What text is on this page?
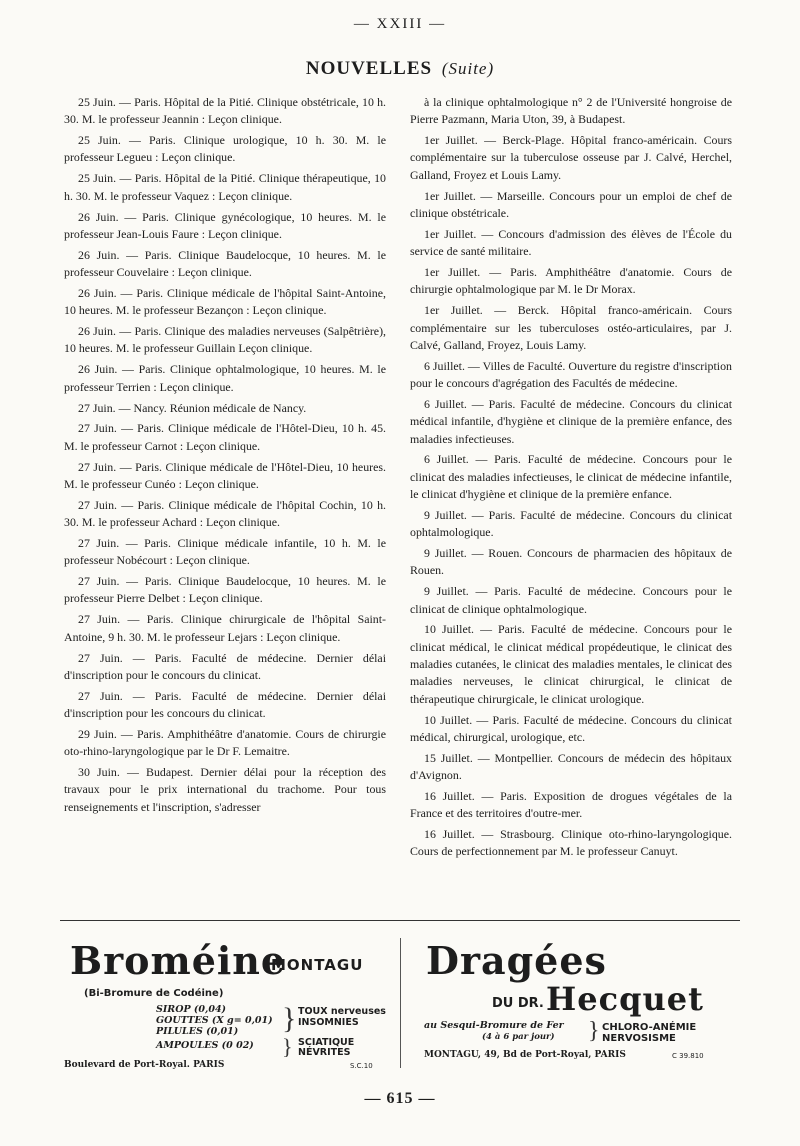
— XXIII —
NOUVELLES (Suite)

25 Juin. — Paris. Hôpital de la Pitié. Clinique obstétricale, 10 h. 30. M. le professeur Jeannin : Leçon clinique.

25 Juin. — Paris. Clinique urologique, 10 h. 30. M. le professeur Legueu : Leçon clinique.

25 Juin. — Paris. Hôpital de la Pitié. Clinique thérapeutique, 10 h. 30. M. le professeur Vaquez : Leçon clinique.

26 Juin. — Paris. Clinique gynécologique, 10 heures. M. le professeur Jean-Louis Faure : Leçon clinique.

26 Juin. — Paris. Clinique Baudelocque, 10 heures. M. le professeur Couvelaire : Leçon clinique.

26 Juin. — Paris. Clinique médicale de l'hôpital Saint-Antoine, 10 heures. M. le professeur Bezançon : Leçon clinique.

26 Juin. — Paris. Clinique des maladies nerveuses (Salpêtrière), 10 heures. M. le professeur Guillain Leçon clinique.

26 Juin. — Paris. Clinique ophtalmologique, 10 heures. M. le professeur Terrien : Leçon clinique.

27 Juin. — Nancy. Réunion médicale de Nancy.

27 Juin. — Paris. Clinique médicale de l'Hôtel-Dieu, 10 h. 45. M. le professeur Carnot : Leçon clinique.

27 Juin. — Paris. Clinique médicale de l'Hôtel-Dieu, 10 heures. M. le professeur Cunéo : Leçon clinique.

27 Juin. — Paris. Clinique médicale de l'hôpital Cochin, 10 h. 30. M. le professeur Achard : Leçon clinique.

27 Juin. — Paris. Clinique médicale infantile, 10 h. M. le professeur Nobécourt : Leçon clinique.

27 Juin. — Paris. Clinique Baudelocque, 10 heures. M. le professeur Pierre Delbet : Leçon clinique.

27 Juin. — Paris. Clinique chirurgicale de l'hôpital Saint-Antoine, 9 h. 30. M. le professeur Lejars : Leçon clinique.

27 Juin. — Paris. Faculté de médecine. Dernier délai d'inscription pour le concours du clinicat.

27 Juin. — Paris. Faculté de médecine. Dernier délai d'inscription pour les concours du clinicat.

29 Juin. — Paris. Amphithéâtre d'anatomie. Cours de chirurgie oto-rhino-laryngologique par le Dr F. Lemaitre.

30 Juin. — Budapest. Dernier délai pour la réception des travaux pour le prix international du trachome. Pour tous renseignements et l'inscription, s'adresser

à la clinique ophtalmologique n° 2 de l'Université hongroise de Pierre Pazmann, Maria Uton, 39, à Budapest.

1er Juillet. — Berck-Plage. Hôpital franco-américain. Cours complémentaire sur la tuberculose osseuse par J. Calvé, Herchel, Galland, Froyez et Louis Lamy.

1er Juillet. — Marseille. Concours pour un emploi de chef de clinique obstétricale.

1er Juillet. — Concours d'admission des élèves de l'École du service de santé militaire.

1er Juillet. — Paris. Amphithéâtre d'anatomie. Cours de chirurgie ophtalmologique par M. le Dr Morax.

1er Juillet. — Berck. Hôpital franco-américain. Cours complémentaire sur les tuberculoses ostéo-articulaires, par J. Calvé, Galland, Froyez, Louis Lamy.

6 Juillet. — Villes de Faculté. Ouverture du registre d'inscription pour le concours d'agrégation des Facultés de médecine.

6 Juillet. — Paris. Faculté de médecine. Concours du clinicat médical infantile, d'hygiène et clinique de la première enfance, des maladies infectieuses.

6 Juillet. — Paris. Faculté de médecine. Concours pour le clinicat des maladies infectieuses, le clinicat de médecine infantile, le clinicat d'hygiène et clinique de la première enfance.

9 Juillet. — Paris. Faculté de médecine. Concours du clinicat ophtalmologique.

9 Juillet. — Rouen. Concours de pharmacien des hôpitaux de Rouen.

9 Juillet. — Paris. Faculté de médecine. Concours pour le clinicat de clinique ophtalmologique.

10 Juillet. — Paris. Faculté de médecine. Concours pour le clinicat médical, le clinicat médical propédeutique, le clinicat des maladies cutanées, le clinicat des maladies mentales, le clinicat des maladies nerveuses, le clinicat chirurgical, le clinicat de thérapeutique chirurgicale, le clinicat urologique.

10 Juillet. — Paris. Faculté de médecine. Concours du clinicat médical, chirurgical, urologique, etc.

15 Juillet. — Montpellier. Concours de médecin des hôpitaux d'Avignon.

16 Juillet. — Paris. Exposition de drogues végétales de la France et des territoires d'outre-mer.

16 Juillet. — Strasbourg. Clinique oto-rhino-laryngologique. Cours de perfectionnement par M. le professeur Canuyt.

Broméine
MONTAGU
(Bi-Bromure de Codéine)
SIROP (0,04)
GOUTTES (X g= 0,01)
PILULES (0,01)	} TOUX nerveuses
INSOMNIES
AMPOULES (0 02) } SCIATIQUE
NÉVRITES
Boulevard de Port-Royal. PARIS	S.C.10
Dragées
DU DR. Hecquet
au Sesqui-Bromure de Fer
(4 à 6 par jour) } CHLORO-ANÉMIE
NERVOSISME
MONTAGU, 49, Bd de Port-Royal, PARIS	C 39.810
— 615 —
